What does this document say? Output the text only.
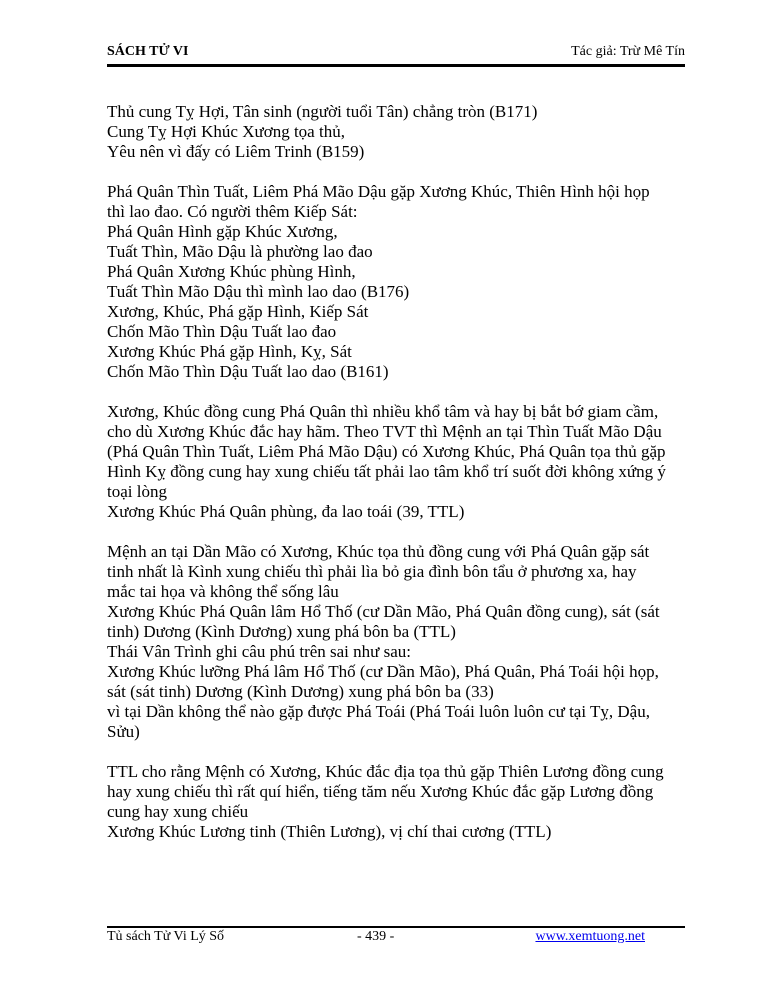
SÁCH TỬ VI	Tác giả: Trừ Mê Tín
Thủ cung Tỵ Hợi, Tân sinh (người tuổi Tân) chẳng tròn (B171)
Cung Tỵ Hợi Khúc Xương tọa thủ,
Yêu nên vì đấy có Liêm Trinh (B159)
Phá Quân Thìn Tuất, Liêm Phá Mão Dậu gặp Xương Khúc, Thiên Hình hội họp
thì lao đao. Có người thêm Kiếp Sát:
Phá Quân Hình gặp Khúc Xương,
Tuất Thìn, Mão Dậu là phường lao đao
Phá Quân Xương Khúc phùng Hình,
Tuất Thìn Mão Dậu thì mình lao dao (B176)
Xương, Khúc, Phá gặp Hình, Kiếp Sát
Chốn Mão Thìn Dậu Tuất lao đao
Xương Khúc Phá gặp Hình, Kỵ, Sát
Chốn Mão Thìn Dậu Tuất lao dao (B161)
Xương, Khúc đồng cung Phá Quân thì nhiều khổ tâm và hay bị bắt bớ giam cầm,
cho dù Xương Khúc đắc hay hãm. Theo TVT thì Mệnh an tại Thìn Tuất Mão Dậu
(Phá Quân Thìn Tuất, Liêm Phá Mão Dậu) có Xương Khúc, Phá Quân tọa thủ gặp
Hình Kỵ đồng cung hay xung chiếu tất phải lao tâm khổ trí suốt đời không xứng ý
toại lòng
Xương Khúc Phá Quân phùng, đa lao toái (39, TTL)
Mệnh an tại Dần Mão có Xương, Khúc tọa thủ đồng cung với Phá Quân gặp sát
tinh nhất là Kình xung chiếu thì phải lìa bỏ gia đình bôn tẩu ở phương xa, hay
mắc tai họa và không thể sống lâu
Xương Khúc Phá Quân lâm Hổ Thố (cư Dần Mão, Phá Quân đồng cung), sát (sát
tinh) Dương (Kình Dương) xung phá bôn ba (TTL)
Thái Vân Trình ghi câu phú trên sai như sau:
Xương Khúc lưỡng Phá lâm Hổ Thố (cư Dần Mão), Phá Quân, Phá Toái hội họp,
sát (sát tinh) Dương (Kình Dương) xung phá bôn ba (33)
vì tại Dần không thể nào gặp được Phá Toái (Phá Toái luôn luôn cư tại Tỵ, Dậu,
Sửu)
TTL cho rằng Mệnh có Xương, Khúc đắc địa tọa thủ gặp Thiên Lương đồng cung
hay xung chiếu thì rất quí hiển, tiếng tăm nếu Xương Khúc đắc gặp Lương đồng
cung hay xung chiếu
Xương Khúc Lương tinh (Thiên Lương), vị chí thai cương (TTL)
Tủ sách Tử Vi Lý Số	- 439 -	www.xemtuong.net
